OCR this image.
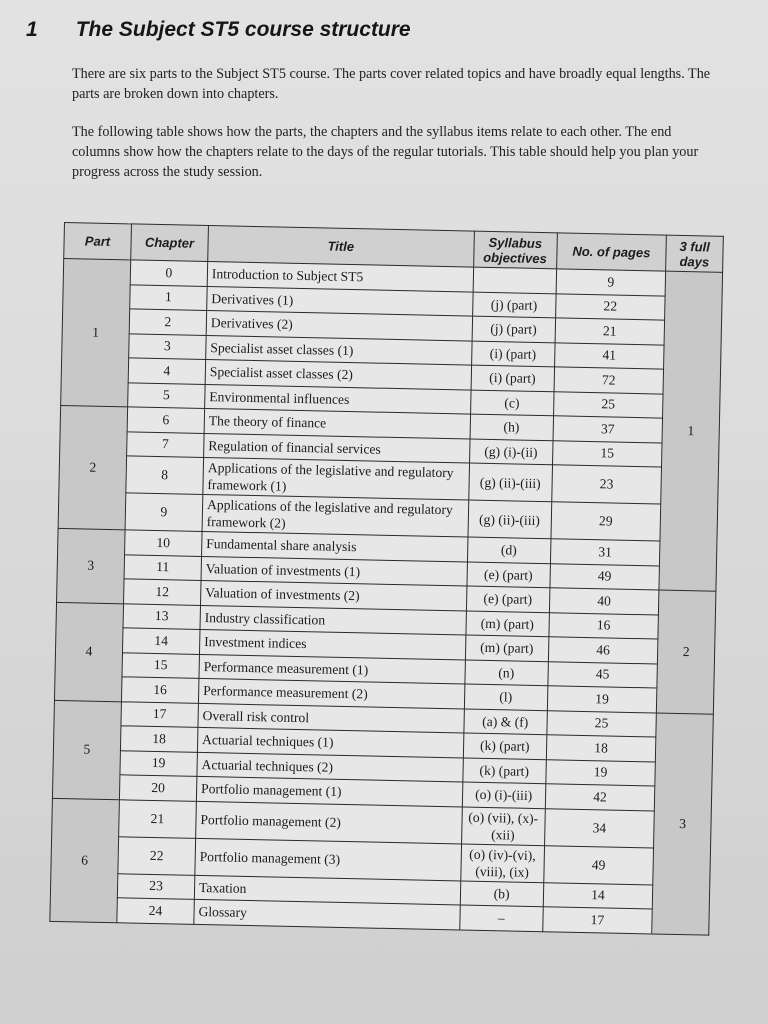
1 The Subject ST5 course structure

There are six parts to the Subject ST5 course. The parts cover related topics and have broadly equal lengths. The parts are broken down into chapters.

The following table shows how the parts, the chapters and the syllabus items relate to each other. The end columns show how the chapters relate to the days of the regular tutorials. This table should help you plan your progress across the study session.

Part	Chapter	Title	Syllabus objectives	No. of pages	3 full days
1	0	Introduction to Subject ST5		9	1
	1	Derivatives (1)	(j) (part)	22	
	2	Derivatives (2)	(j) (part)	21	
	3	Specialist asset classes (1)	(i) (part)	41	
	4	Specialist asset classes (2)	(i) (part)	72	
	5	Environmental influences	(c)	25	
2	6	The theory of finance	(h)	37	
	7	Regulation of financial services	(g) (i)-(ii)	15	
	8	Applications of the legislative and regulatory framework (1)	(g) (ii)-(iii)	23	
	9	Applications of the legislative and regulatory framework (2)	(g) (ii)-(iii)	29	
3	10	Fundamental share analysis	(d)	31	
	11	Valuation of investments (1)	(e) (part)	49	
	12	Valuation of investments (2)	(e) (part)	40	2
4	13	Industry classification	(m) (part)	16	
	14	Investment indices	(m) (part)	46	
	15	Performance measurement (1)	(n)	45	
	16	Performance measurement (2)	(l)	19	
5	17	Overall risk control	(a) & (f)	25	3
	18	Actuarial techniques (1)	(k) (part)	18	
	19	Actuarial techniques (2)	(k) (part)	19	
	20	Portfolio management (1)	(o) (i)-(iii)	42	
6	21	Portfolio management (2)	(o) (vii), (x)-(xii)	34	
	22	Portfolio management (3)	(o) (iv)-(vi), (viii), (ix)	49	
	23	Taxation	(b)	14	
	24	Glossary	–	17	
